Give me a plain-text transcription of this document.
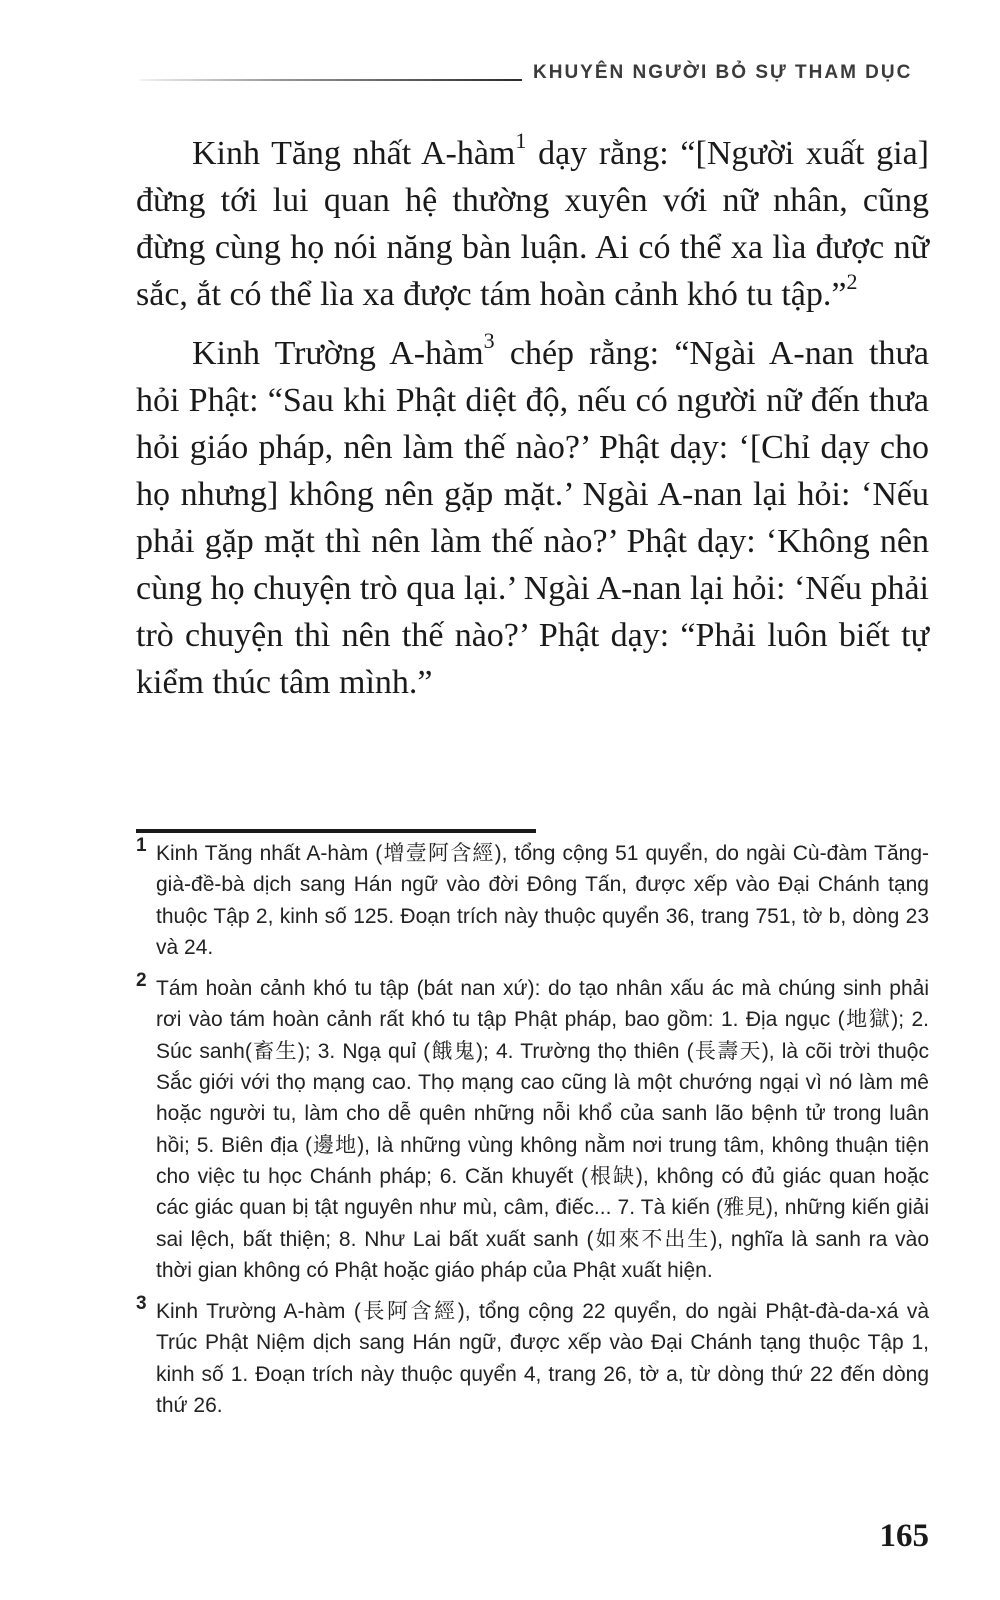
KHUYÊN NGƯỜI BỎ SỰ THAM DỤC

Kinh Tăng nhất A-hàm$^1$ dạy rằng: “[Người xuất gia] đừng tới lui quan hệ thường xuyên với nữ nhân, cũng đừng cùng họ nói năng bàn luận. Ai có thể xa lìa được nữ sắc, ắt có thể lìa xa được tám hoàn cảnh khó tu tập.”$^2$

Kinh Trường A-hàm$^3$ chép rằng: “Ngài A-nan thưa hỏi Phật: “Sau khi Phật diệt độ, nếu có người nữ đến thưa hỏi giáo pháp, nên làm thế nào?’ Phật dạy: ‘[Chỉ dạy cho họ nhưng] không nên gặp mặt.’ Ngài A-nan lại hỏi: ‘Nếu phải gặp mặt thì nên làm thế nào?’ Phật dạy: ‘Không nên cùng họ chuyện trò qua lại.’ Ngài A-nan lại hỏi: ‘Nếu phải trò chuyện thì nên thế nào?’ Phật dạy: “Phải luôn biết tự kiểm thúc tâm mình.”

1 Kinh Tăng nhất A-hàm (增壹阿含經), tổng cộng 51 quyển, do ngài Cù-đàm Tăng-già-đề-bà dịch sang Hán ngữ vào đời Đông Tấn, được xếp vào Đại Chánh tạng thuộc Tập 2, kinh số 125. Đoạn trích này thuộc quyển 36, trang 751, tờ b, dòng 23 và 24.
2 Tám hoàn cảnh khó tu tập (bát nan xứ): do tạo nhân xấu ác mà chúng sinh phải rơi vào tám hoàn cảnh rất khó tu tập Phật pháp, bao gồm: 1. Địa ngục (地獄); 2. Súc sanh(畜生); 3. Ngạ quỉ (餓鬼); 4. Trường thọ thiên (長壽天), là cõi trời thuộc Sắc giới với thọ mạng cao. Thọ mạng cao cũng là một chướng ngại vì nó làm mê hoặc người tu, làm cho dễ quên những nỗi khổ của sanh lão bệnh tử trong luân hồi; 5. Biên địa (邊地), là những vùng không nằm nơi trung tâm, không thuận tiện cho việc tu học Chánh pháp; 6. Căn khuyết (根缺), không có đủ giác quan hoặc các giác quan bị tật nguyên như mù, câm, điếc... 7. Tà kiến (雅見), những kiến giải sai lệch, bất thiện; 8. Như Lai bất xuất sanh (如來不出生), nghĩa là sanh ra vào thời gian không có Phật hoặc giáo pháp của Phật xuất hiện.
3 Kinh Trường A-hàm (長阿含經), tổng cộng 22 quyển, do ngài Phật-đà-da-xá và Trúc Phật Niệm dịch sang Hán ngữ, được xếp vào Đại Chánh tạng thuộc Tập 1, kinh số 1. Đoạn trích này thuộc quyển 4, trang 26, tờ a, từ dòng thứ 22 đến dòng thứ 26.
165
